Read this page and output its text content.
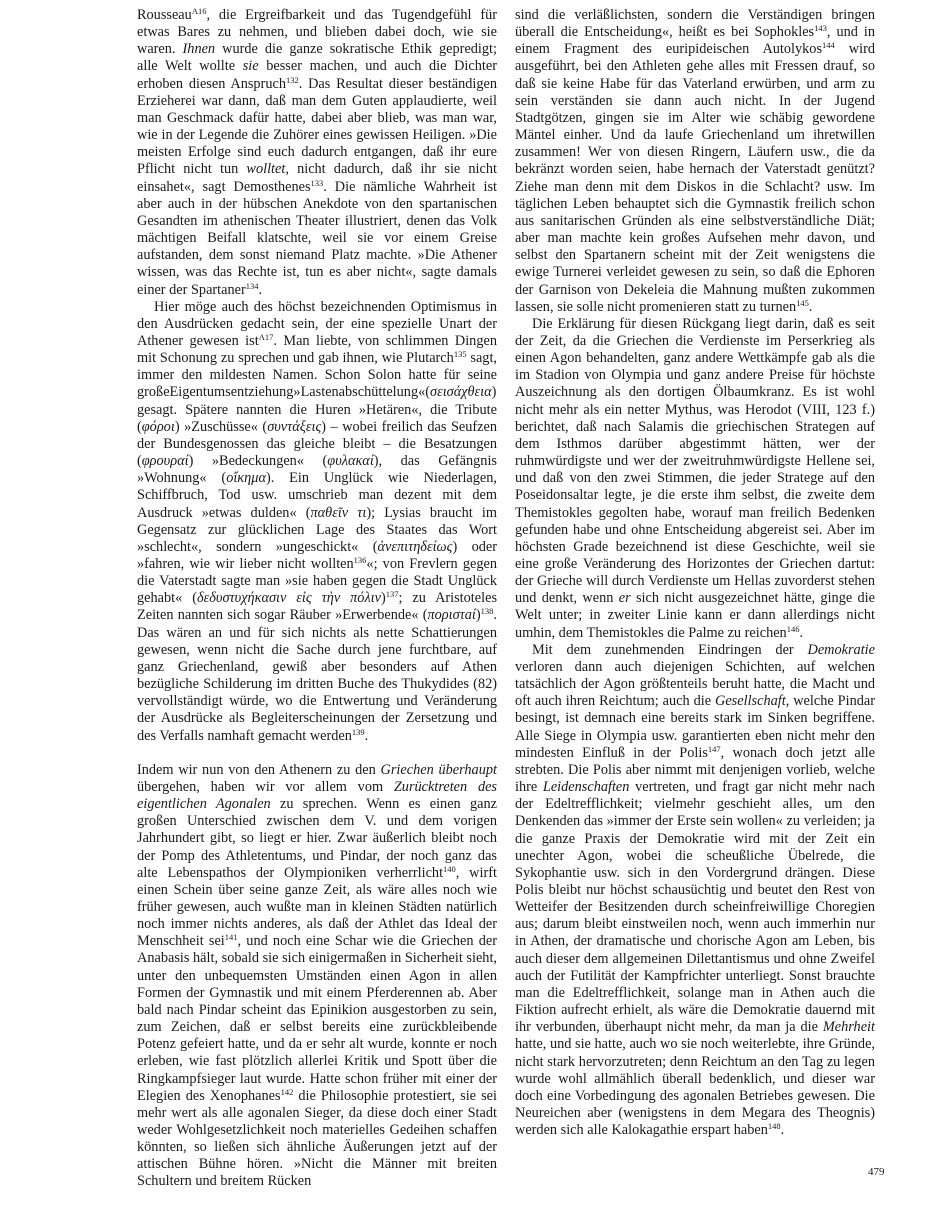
Rousseau$^{A16}$, die Ergreifbarkeit und das Tugendgefühl für etwas Bares zu nehmen, und blieben dabei doch, wie sie waren. Ihnen wurde die ganze sokratische Ethik gepredigt; alle Welt wollte sie besser machen, und auch die Dichter erhoben diesen Anspruch$^{132}$. Das Resultat dieser beständigen Erzieherei war dann, daß man dem Guten applaudierte, weil man Geschmack dafür hatte, dabei aber blieb, was man war, wie in der Legende die Zuhörer eines gewissen Heiligen. »Die meisten Erfolge sind euch dadurch entgangen, daß ihr eure Pflicht nicht tun wolltet, nicht dadurch, daß ihr sie nicht einsahet«, sagt Demosthenes$^{133}$. Die nämliche Wahrheit ist aber auch in der hübschen Anekdote von den spartanischen Gesandten im athenischen Theater illustriert, denen das Volk mächtigen Beifall klatschte, weil sie vor einem Greise aufstanden, dem sonst niemand Platz machte. »Die Athener wissen, was das Rechte ist, tun es aber nicht«, sagte damals einer der Spartaner$^{134}$.

Hier möge auch des höchst bezeichnenden Optimismus in den Ausdrücken gedacht sein, der eine spezielle Unart der Athener gewesen ist$^{A17}$. Man liebte, von schlimmen Dingen mit Schonung zu sprechen und gab ihnen, wie Plutarch$^{135}$ sagt, immer den mildesten Namen. Schon Solon hatte für seine großeEigentumsentziehung»Lastenabschüttelung«(σεισάχθεια) gesagt. Spätere nannten die Huren »Hetären«, die Tribute (φόροι) »Zuschüsse« (συντάξεις) – wobei freilich das Seufzen der Bundesgenossen das gleiche bleibt – die Besatzungen (φρουραί) »Bedeckungen« (φυλακαί), das Gefängnis »Wohnung« (οἴκημα). Ein Unglück wie Niederlagen, Schiffbruch, Tod usw. umschrieb man dezent mit dem Ausdruck »etwas dulden« (παθεῖν τι); Lysias braucht im Gegensatz zur glücklichen Lage des Staates das Wort »schlecht«, sondern »ungeschickt« (ἀνεπιτηδείως) oder »fahren, wie wir lieber nicht wollten$^{136}$«; von Frevlern gegen die Vaterstadt sagte man »sie haben gegen die Stadt Unglück gehabt« (δεδυστυχήκασιν εἰς τὴν πόλιν)$^{137}$; zu Aristoteles Zeiten nannten sich sogar Räuber »Erwerbende« $(\pi o\rho\iota\sigma\tau aί)^{138}$. Das wären an und für sich nichts als nette Schattierungen gewesen, wenn nicht die Sache durch jene furchtbare, auf ganz Griechenland, gewiß aber besonders auf Athen bezügliche Schilderung im dritten Buche des Thukydides (82) vervollständigt würde, wo die Entwertung und Veränderung der Ausdrücke als Begleiterscheinungen der Zersetzung und des Verfalls namhaft gemacht werden$^{139}$.

Indem wir nun von den Athenern zu den Griechen überhaupt übergehen, haben wir vor allem vom Zurücktreten des eigentlichen Agonalen zu sprechen. Wenn es einen ganz großen Unterschied zwischen dem V. und dem vorigen Jahrhundert gibt, so liegt er hier. Zwar äußerlich bleibt noch der Pomp des Athletentums, und Pindar, der noch ganz das alte Lebenspathos der Olympioniken verherrlicht$^{140}$, wirft einen Schein über seine ganze Zeit, als wäre alles noch wie früher gewesen, auch wußte man in kleinen Städten natürlich noch immer nichts anderes, als daß der Athlet das Ideal der Menschheit sei$^{141}$, und noch eine Schar wie die Griechen der Anabasis hält, sobald sie sich einigermaßen in Sicherheit sieht, unter den unbequemsten Umständen einen Agon in allen Formen der Gymnastik und mit einem Pferderennen ab. Aber bald nach Pindar scheint das Epinikion ausgestorben zu sein, zum Zeichen, daß er selbst bereits eine zurückbleibende Potenz gefeiert hatte, und da er sehr alt wurde, konnte er noch erleben, wie fast plötzlich allerlei Kritik und Spott über die Ringkampfsieger laut wurde. Hatte schon früher mit einer der Elegien des Xenophanes$^{142}$ die Philosophie protestiert, sie sei mehr wert als alle agonalen Sieger, da diese doch einer Stadt weder Wohlgesetzlichkeit noch materielles Gedeihen schaffen könnten, so ließen sich ähnliche Äußerungen jetzt auf der attischen Bühne hören. »Nicht die Männer mit breiten Schultern und breitem Rücken

sind die verläßlichsten, sondern die Verständigen bringen überall die Entscheidung«, heißt es bei Sophokles$^{143}$, und in einem Fragment des euripideischen Autolykos$^{144}$ wird ausgeführt, bei den Athleten gehe alles mit Fressen drauf, so daß sie keine Habe für das Vaterland erwürben, und arm zu sein verständen sie dann auch nicht. In der Jugend Stadtgötzen, gingen sie im Alter wie schäbig gewordene Mäntel einher. Und da laufe Griechenland um ihretwillen zusammen! Wer von diesen Ringern, Läufern usw., die da bekränzt worden seien, habe hernach der Vaterstadt genützt? Ziehe man denn mit dem Diskos in die Schlacht? usw. Im täglichen Leben behauptet sich die Gymnastik freilich schon aus sanitarischen Gründen als eine selbstverständliche Diät; aber man machte kein großes Aufsehen mehr davon, und selbst den Spartanern scheint mit der Zeit wenigstens die ewige Turnerei verleidet gewesen zu sein, so daß die Ephoren der Garnison von Dekeleia die Mahnung mußten zukommen lassen, sie solle nicht promenieren statt zu turnen$^{145}$.

Die Erklärung für diesen Rückgang liegt darin, daß es seit der Zeit, da die Griechen die Verdienste im Perserkrieg als einen Agon behandelten, ganz andere Wettkämpfe gab als die im Stadion von Olympia und ganz andere Preise für höchste Auszeichnung als den dortigen Ölbaumkranz. Es ist wohl nicht mehr als ein netter Mythus, was Herodot (VIII, 123 f.) berichtet, daß nach Salamis die griechischen Strategen auf dem Isthmos darüber abgestimmt hätten, wer der ruhmwürdigste und wer der zweitruhmwürdigste Hellene sei, und daß von den zwei Stimmen, die jeder Stratege auf den Poseidonsaltar legte, je die erste ihm selbst, die zweite dem Themistokles gegolten habe, worauf man freilich Bedenken gefunden habe und ohne Entscheidung abgereist sei. Aber im höchsten Grade bezeichnend ist diese Geschichte, weil sie eine große Veränderung des Horizontes der Griechen dartut: der Grieche will durch Verdienste um Hellas zuvorderst stehen und denkt, wenn er sich nicht ausgezeichnet hätte, ginge die Welt unter; in zweiter Linie kann er dann allerdings nicht umhin, dem Themistokles die Palme zu reichen$^{146}$.

Mit dem zunehmenden Eindringen der Demokratie verloren dann auch diejenigen Schichten, auf welchen tatsächlich der Agon größtenteils beruht hatte, die Macht und oft auch ihren Reichtum; auch die Gesellschaft, welche Pindar besingt, ist demnach eine bereits stark im Sinken begriffene. Alle Siege in Olympia usw. garantierten eben nicht mehr den mindesten Einfluß in der Polis$^{147}$, wonach doch jetzt alle strebten. Die Polis aber nimmt mit denjenigen vorlieb, welche ihre Leidenschaften vertreten, und fragt gar nicht mehr nach der Edeltrefflichkeit; vielmehr geschieht alles, um den Denkenden das »immer der Erste sein wollen« zu verleiden; ja die ganze Praxis der Demokratie wird mit der Zeit ein unechter Agon, wobei die scheußliche Übelrede, die Sykophantie usw. sich in den Vordergrund drängen. Diese Polis bleibt nur höchst schausüchtig und beutet den Rest von Wetteifer der Besitzenden durch scheinfreiwillige Choregien aus; darum bleibt einstweilen noch, wenn auch immerhin nur in Athen, der dramatische und chorische Agon am Leben, bis auch dieser dem allgemeinen Dilettantismus und ohne Zweifel auch der Futilität der Kampfrichter unterliegt. Sonst brauchte man die Edeltrefflichkeit, solange man in Athen auch die Fiktion aufrecht erhielt, als wäre die Demokratie dauernd mit ihr verbunden, überhaupt nicht mehr, da man ja die Mehrheit hatte, und sie hatte, auch wo sie noch weiterlebte, ihre Gründe, nicht stark hervorzutreten; denn Reichtum an den Tag zu legen wurde wohl allmählich überall bedenklich, und dieser war doch eine Vorbedingung des agonalen Betriebes gewesen. Die Neureichen aber (wenigstens in dem Megara des Theognis) werden sich alle Kalokagathie erspart haben$^{148}$.

479
